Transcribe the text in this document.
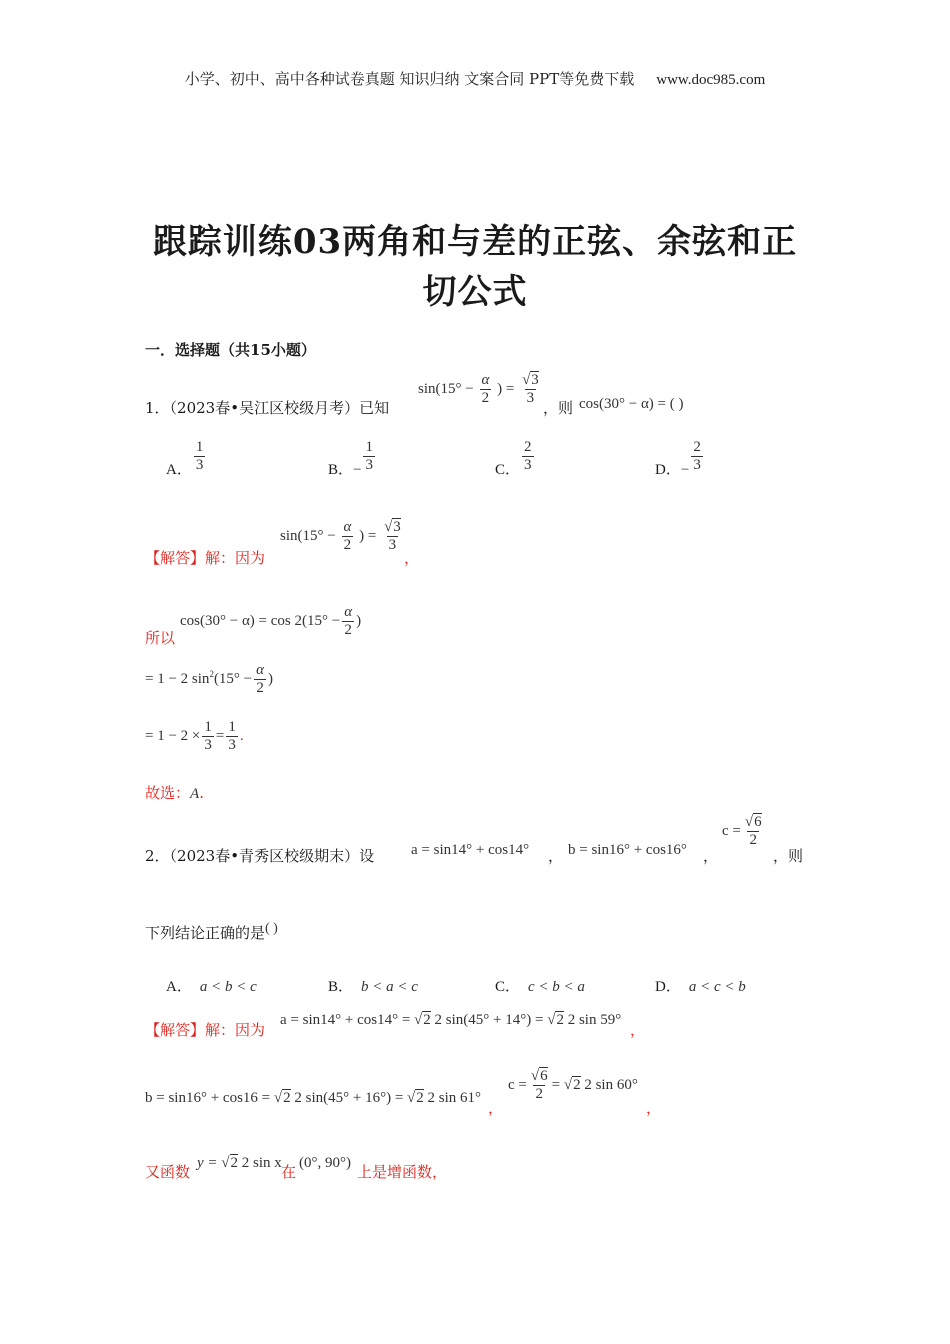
小学、初中、高中各种试卷真题 知识归纳 文案合同 PPT等免费下载 www.doc985.com
跟踪训练03两角和与差的正弦、余弦和正
切公式
一．选择题（共15小题）
1．（2023春•吴江区校级月考）已知
$\sin(15^\circ - \frac{\alpha}{2}$ ) = $\frac{√3}{3}$
，则 cos(30° − α) = ( )
A． $\frac{1}{3}$	B．− $\frac{1}{3}$	C． $\frac{2}{3}$	D．− $\frac{2}{3}$
【解答】解：因为
$\sin(15^\circ - \frac{\alpha}{2}$ ) = $\frac{√3}{3}$
，
$\cos(30^\circ - \alpha) = \cos 2(15^\circ - \frac{\alpha}{2}$ )
所以
= 1 − 2 $\sin^2(15^\circ - \frac{\alpha}{2}$ )
= $1 - 2 \times \frac{1}{3} = \frac{1}{3}$ .
故选：A.
2．（2023春•青秀区校级期末）设 a = sin14° + cos14° ， b = sin16° + cos16° ，
$c = \frac{√6}{2}$
，则
下列结论正确的是( )
A． a < b < c	B． b < a < c	C． c < b < a	D． a < c < b
【解答】解：因为
a = sin14° + cos14° = √2 2 sin(45° + 14°) = √2 2 sin 59°
，
b = sin16° + cos16 = √2 2 sin(45° + 16°) = √2 2 sin 61°
，
$c = \frac{√6}{2} = √2$ 2 sin 60°
，
又函数 y = √2 2 sin x 在 (0°, 90°) 上是增函数，
